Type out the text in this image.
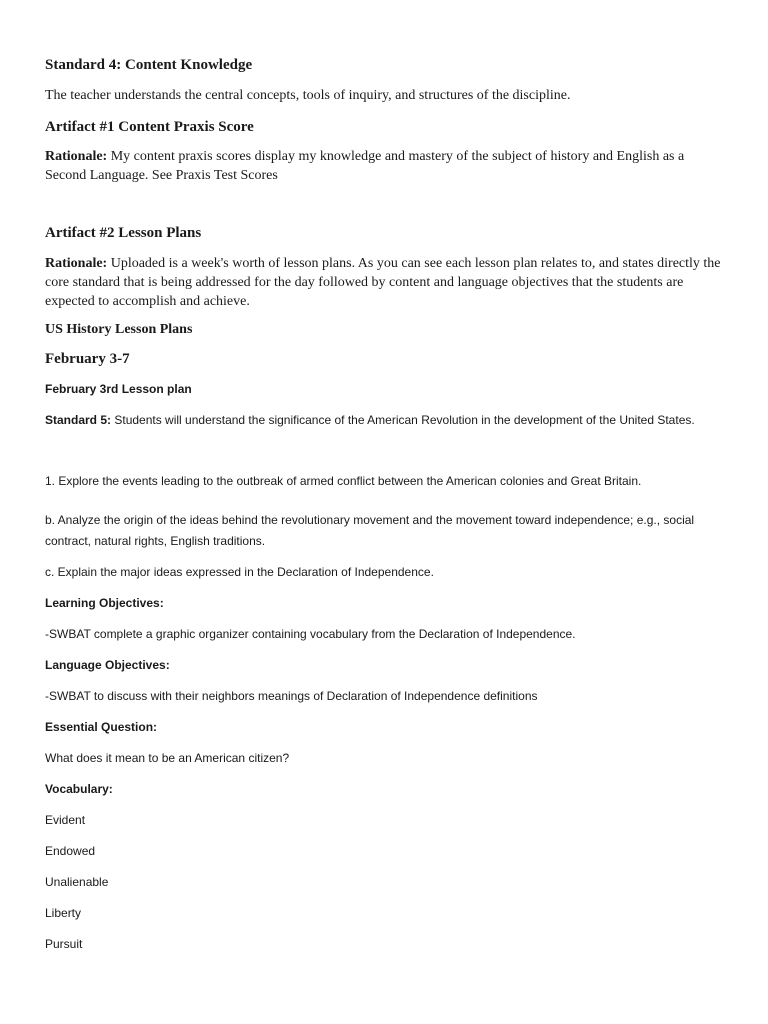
Standard 4: Content Knowledge
The teacher understands the central concepts, tools of inquiry, and structures of the discipline.
Artifact #1 Content Praxis Score
Rationale: My content praxis scores display my knowledge and mastery of the subject of history and English as a Second Language. See Praxis Test Scores
Artifact #2 Lesson Plans
Rationale: Uploaded is a week's worth of lesson plans. As you can see each lesson plan relates to, and states directly the core standard that is being addressed for the day followed by content and language objectives that the students are expected to accomplish and achieve.
US History Lesson Plans
February 3-7
February 3rd Lesson plan
Standard 5: Students will understand the significance of the American Revolution in the development of the United States.
1. Explore the events leading to the outbreak of armed conflict between the American colonies and Great Britain.
b. Analyze the origin of the ideas behind the revolutionary movement and the movement toward independence; e.g., social contract, natural rights, English traditions.
c. Explain the major ideas expressed in the Declaration of Independence.
Learning Objectives:
-SWBAT complete a graphic organizer containing vocabulary from the Declaration of Independence.
Language Objectives:
-SWBAT to discuss with their neighbors meanings of Declaration of Independence definitions
Essential Question:
What does it mean to be an American citizen?
Vocabulary:
Evident
Endowed
Unalienable
Liberty
Pursuit
